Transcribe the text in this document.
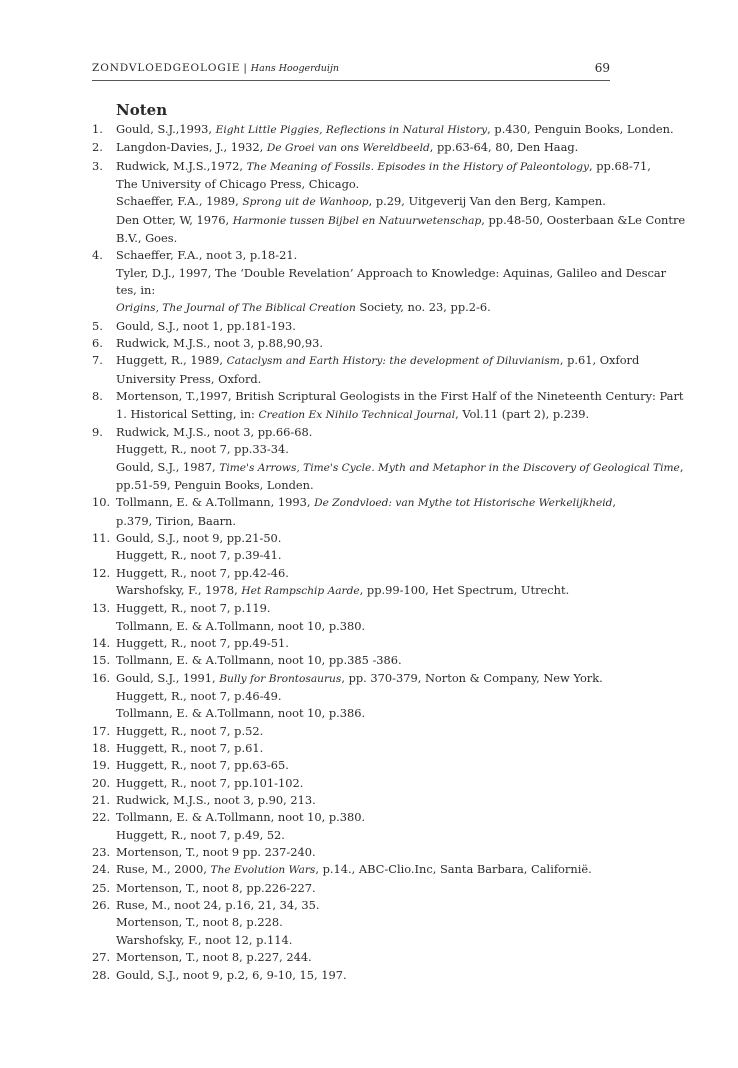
ZONDVLOEDGEOLOGIE | Hans Hoogerduijn	69
Noten
1.	Gould, S.J.,1993, Eight Little Piggies, Reflections in Natural History, p.430, Penguin Books, Londen.
2.	Langdon-Davies, J., 1932, De Groei van ons Wereldbeeld, pp.63-64, 80, Den Haag.
3.	Rudwick, M.J.S.,1972, The Meaning of Fossils. Episodes in the History of Paleontology, pp.68-71,
The University of Chicago Press, Chicago.
Schaeffer, F.A., 1989, Sprong uit de Wanhoop, p.29, Uitgeverij Van den Berg, Kampen.
Den Otter, W, 1976, Harmonie tussen Bijbel en Natuurwetenschap, pp.48-50, Oosterbaan &Le Contre
B.V., Goes.
4.	Schaeffer, F.A., noot 3, p.18-21.
Tyler, D.J., 1997, The ‘Double Revelation’ Approach to Knowledge: Aquinas, Galileo and Descar
tes, in:
Origins, The Journal of The Biblical Creation Society, no. 23, pp.2-6.
5.	Gould, S.J., noot 1, pp.181-193.
6.	Rudwick, M.J.S., noot 3, p.88,90,93.
7.	Huggett, R., 1989, Cataclysm and Earth History: the development of Diluvianism, p.61, Oxford
University Press, Oxford.
8.	Mortenson, T.,1997, British Scriptural Geologists in the First Half of the Nineteenth Century: Part
1. Historical Setting, in: Creation Ex Nihilo Technical Journal, Vol.11 (part 2), p.239.
9.	Rudwick, M.J.S., noot 3, pp.66-68.
Huggett, R., noot 7, pp.33-34.
Gould, S.J., 1987, Time's Arrows, Time's Cycle. Myth and Metaphor in the Discovery of Geological Time,
pp.51-59, Penguin Books, Londen.
10. Tollmann, E. & A.Tollmann, 1993, De Zondvloed: van Mythe tot Historische Werkelijkheid,
p.379, Tirion, Baarn.
11. Gould, S.J., noot 9, pp.21-50.
Huggett, R., noot 7, p.39-41.
12. Huggett, R., noot 7, pp.42-46.
Warshofsky, F., 1978, Het Rampschip Aarde, pp.99-100, Het Spectrum, Utrecht.
13. Huggett, R., noot 7, p.119.
Tollmann, E. & A.Tollmann, noot 10, p.380.
14. Huggett, R., noot 7, pp.49-51.
15. Tollmann, E. & A.Tollmann, noot 10, pp.385 -386.
16. Gould, S.J., 1991, Bully for Brontosaurus, pp. 370-379, Norton & Company, New York.
Huggett, R., noot 7, p.46-49.
Tollmann, E. & A.Tollmann, noot 10, p.386.
17. Huggett, R., noot 7, p.52.
18. Huggett, R., noot 7, p.61.
19. Huggett, R., noot 7, pp.63-65.
20. Huggett, R., noot 7, pp.101-102.
21. Rudwick, M.J.S., noot 3, p.90, 213.
22. Tollmann, E. & A.Tollmann, noot 10, p.380.
Huggett, R., noot 7, p.49, 52.
23. Mortenson, T., noot 9 pp. 237-240.
24. Ruse, M., 2000, The Evolution Wars, p.14., ABC-Clio.Inc, Santa Barbara, Californië.
25. Mortenson, T., noot 8, pp.226-227.
26. Ruse, M., noot 24, p.16, 21, 34, 35.
Mortenson, T., noot 8, p.228.
Warshofsky, F., noot 12, p.114.
27. Mortenson, T., noot 8, p.227, 244.
28. Gould, S.J., noot 9, p.2, 6, 9-10, 15, 197.
